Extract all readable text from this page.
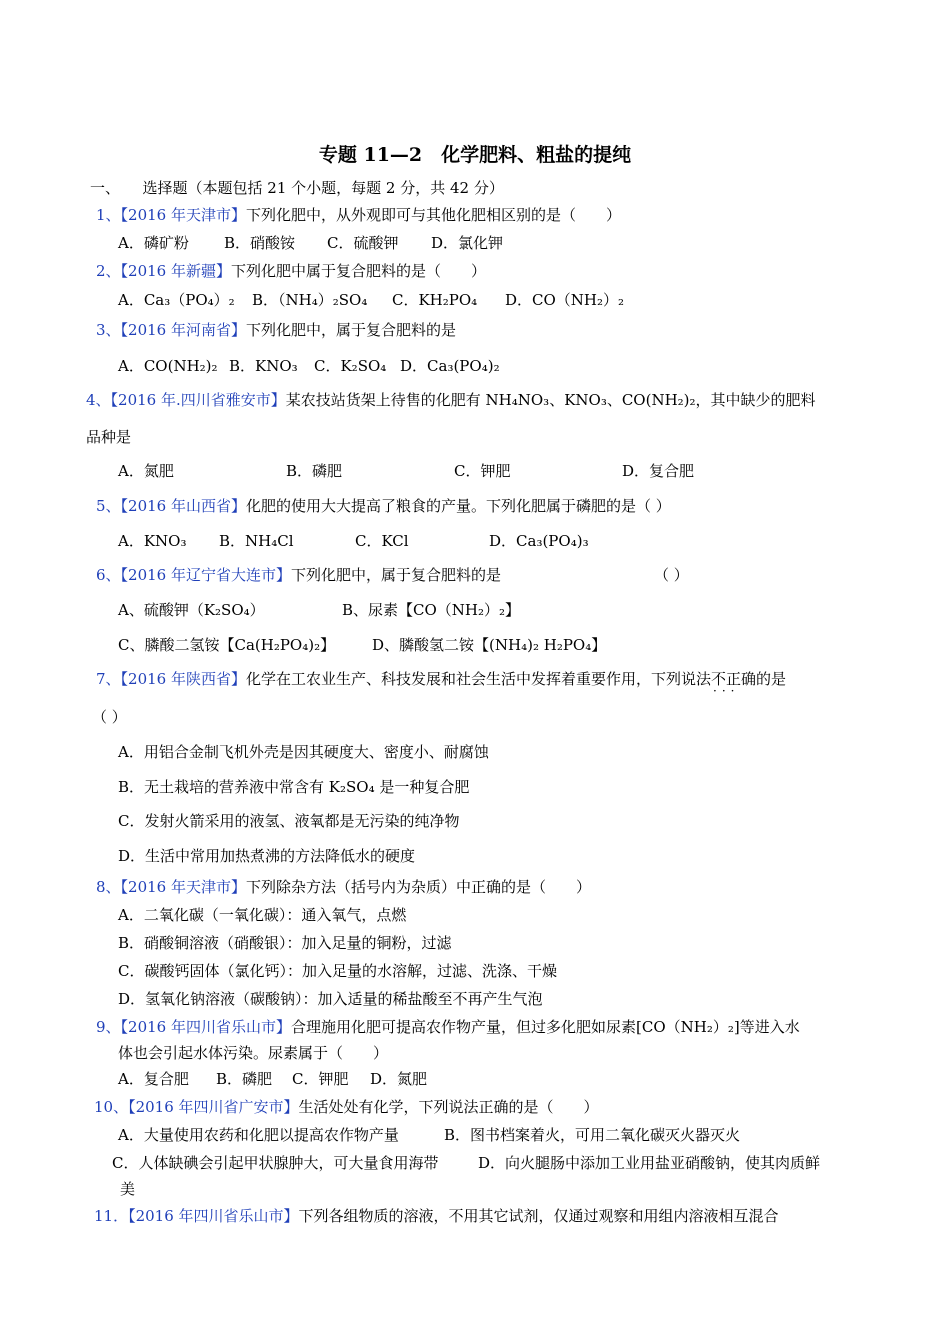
专题 11—2　化学肥料、粗盐的提纯
一、　　选择题（本题包括 21 个小题，每题 2 分，共 42 分）
1、【2016 年天津市】下列化肥中，从外观即可与其他化肥相区别的是（　　）
A．磷矿粉 B．硝酸铵 C．硫酸钾 D．氯化钾
2、【2016 年新疆】下列化肥中属于复合肥料的是（　　）
A．Ca₃（PO₄）₂ B．（NH₄）₂SO₄ C．KH₂PO₄ D．CO（NH₂）₂
3、【2016 年河南省】下列化肥中，属于复合肥料的是
A．CO(NH₂)₂ B．KNO₃ C．K₂SO₄ D．Ca₃(PO₄)₂
4、【2016 年.四川省雅安市】某农技站货架上待售的化肥有 NH₄NO₃、KNO₃、CO(NH₂)₂，其中缺少的肥料
品种是
A．氮肥	B．磷肥	C．钾肥	D．复合肥
5、【2016 年山西省】化肥的使用大大提高了粮食的产量。下列化肥属于磷肥的是（ ）
A．KNO₃ B．NH₄Cl	C．KCl	D．Ca₃(PO₄)₃
6、【2016 年辽宁省大连市】下列化肥中，属于复合肥料的是	（ ）
A、硫酸钾（K₂SO₄）	B、尿素【CO（NH₂）₂】
C、膦酸二氢铵【Ca(H₂PO₄)₂】 D、膦酸氢二铵【(NH₄)₂ H₂PO₄】
7、【2016 年陕西省】化学在工农业生产、科技发展和社会生活中发挥着重要作用，下列说法不正确 ···的是
（ ）
A．用铝合金制飞机外壳是因其硬度大、密度小、耐腐蚀
B．无土栽培的营养液中常含有 K₂SO₄ 是一种复合肥
C．发射火箭采用的液氢、液氧都是无污染的纯净物
D．生活中常用加热煮沸的方法降低水的硬度
8、【2016 年天津市】下列除杂方法（括号内为杂质）中正确的是（　　）
A．二氧化碳（一氧化碳）：通入氧气，点燃
B．硝酸铜溶液（硝酸银）：加入足量的铜粉，过滤
C．碳酸钙固体（氯化钙）：加入足量的水溶解，过滤、洗涤、干燥
D．氢氧化钠溶液（碳酸钠）：加入适量的稀盐酸至不再产生气泡
9、【2016 年四川省乐山市】合理施用化肥可提高农作物产量，但过多化肥如尿素[CO（NH₂）₂]等进入水
体也会引起水体污染。尿素属于（　　）
A．复合肥 B．磷肥 C．钾肥 D．氮肥
10、【2016 年四川省广安市】生活处处有化学，下列说法正确的是（　　）
A．大量使用农药和化肥以提高农作物产量	B．图书档案着火，可用二氧化碳灭火器灭火
C．人体缺碘会引起甲状腺肿大，可大量食用海带	D．向火腿肠中添加工业用盐亚硝酸钠，使其肉质鲜
美
11．【2016 年四川省乐山市】下列各组物质的溶液，不用其它试剂，仅通过观察和用组内溶液相互混合
